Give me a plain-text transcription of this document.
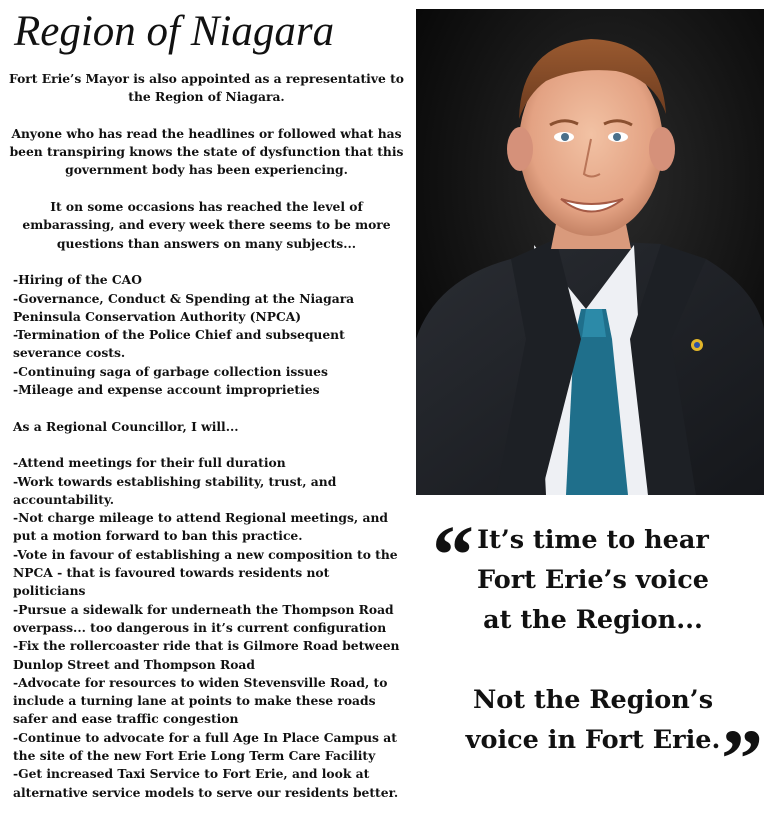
Region of Niagara
Fort Erie’s Mayor is also appointed as a representative to the Region of Niagara.
Anyone who has read the headlines or followed what has been transpiring knows the state of dysfunction that this government body has been experiencing.
It on some occasions has reached the level of embarassing, and every week there seems to be more questions than answers on many subjects...
-Hiring of the CAO
-Governance, Conduct & Spending at the Niagara Peninsula Conservation Authority (NPCA)
-Termination of the Police Chief and subsequent severance costs.
-Continuing saga of garbage collection issues
-Mileage and expense account improprieties
As a Regional Councillor, I will...
-Attend meetings for their full duration
-Work towards establishing stability, trust, and accountability.
-Not charge mileage to attend Regional meetings, and put a motion forward to ban this practice.
-Vote in favour of establishing a new composition to the NPCA - that is favoured towards residents not politicians
-Pursue a sidewalk for underneath the Thompson Road overpass... too dangerous in it’s current configuration
-Fix the rollercoaster ride that is Gilmore Road between Dunlop Street and Thompson Road
-Advocate for resources to widen Stevensville Road, to include a turning lane at points to make these roads safer and ease traffic congestion
-Continue to advocate for a full Age In Place Campus at the site of the new Fort Erie Long Term Care Facility
-Get increased Taxi Service to Fort Erie, and look at alternative service models to serve our residents better.
“
”
It’s time to hear
Fort Erie’s voice
at the Region...
Not the Region’s
voice in Fort Erie.
